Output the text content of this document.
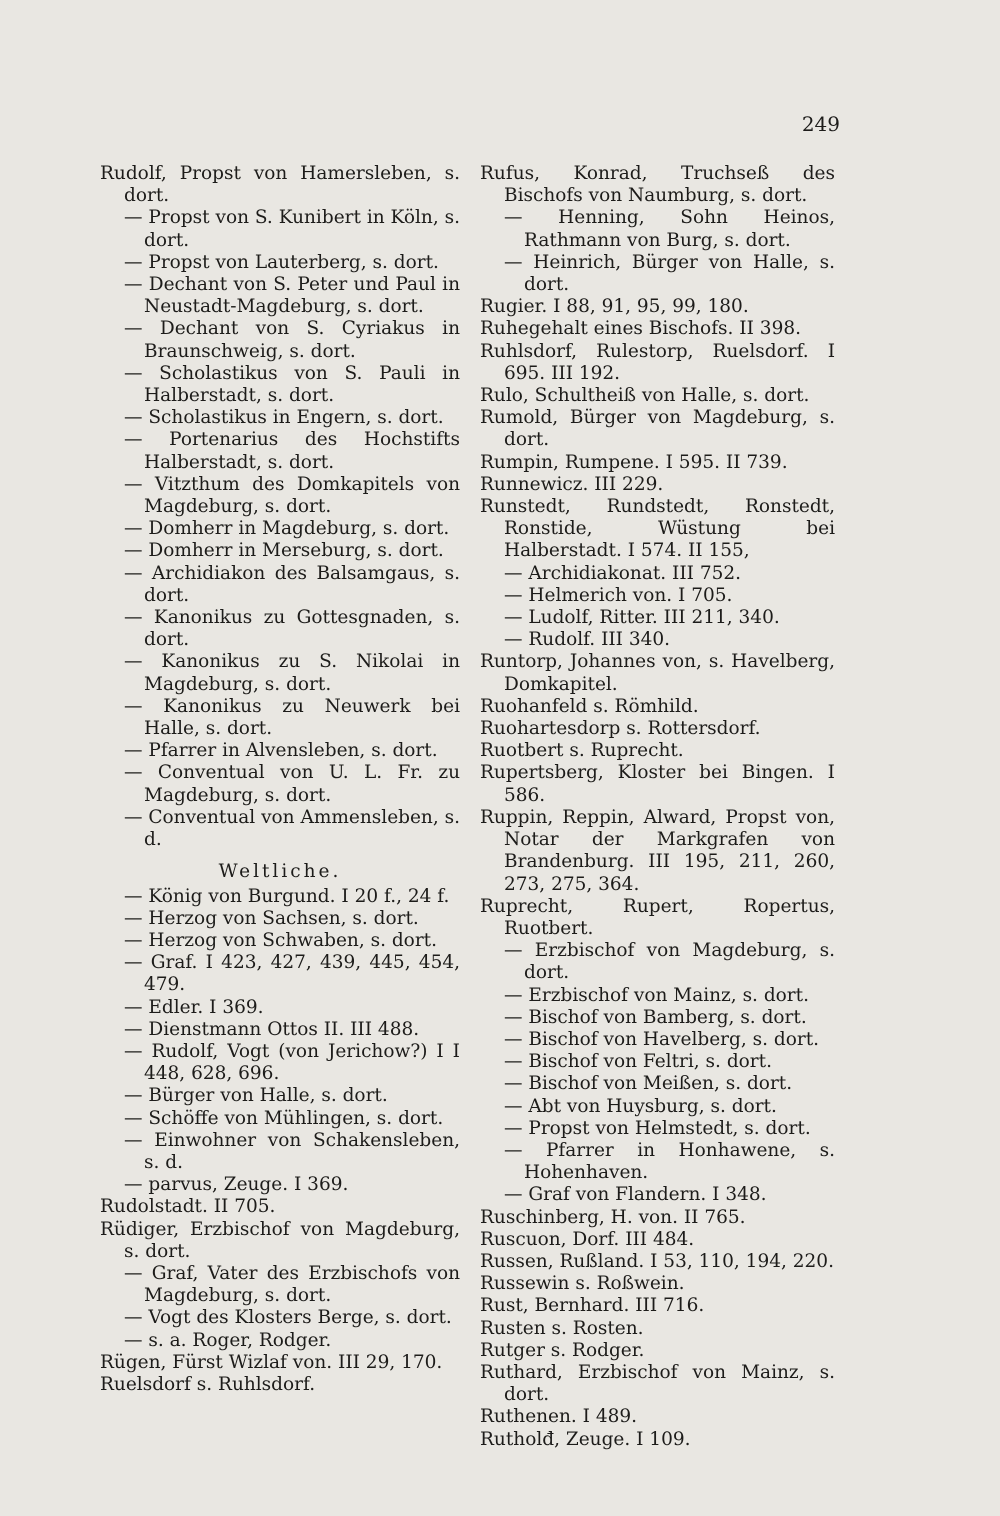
249

Rudolf, Propst von Hamersleben, s. dort.

— Propst von S. Kunibert in Köln, s. dort.

— Propst von Lauterberg, s. dort.

— Dechant von S. Peter und Paul in Neustadt-Magdeburg, s. dort.

— Dechant von S. Cyriakus in Braunschweig, s. dort.

— Scholastikus von S. Pauli in Halberstadt, s. dort.

— Scholastikus in Engern, s. dort.

— Portenarius des Hochstifts Halberstadt, s. dort.

— Vitzthum des Domkapitels von Magdeburg, s. dort.

— Domherr in Magdeburg, s. dort.

— Domherr in Merseburg, s. dort.

— Archidiakon des Balsamgaus, s. dort.

— Kanonikus zu Gottesgnaden, s. dort.

— Kanonikus zu S. Nikolai in Magdeburg, s. dort.

— Kanonikus zu Neuwerk bei Halle, s. dort.

— Pfarrer in Alvensleben, s. dort.

— Conventual von U. L. Fr. zu Magdeburg, s. dort.

— Conventual von Ammensleben, s. d.

Weltliche.

— König von Burgund. I 20 f., 24 f.

— Herzog von Sachsen, s. dort.

— Herzog von Schwaben, s. dort.

— Graf. I 423, 427, 439, 445, 454, 479.

— Edler. I 369.

— Dienstmann Ottos II. III 488.

— Rudolf, Vogt (von Jerichow?) I I 448, 628, 696.

— Bürger von Halle, s. dort.

— Schöffe von Mühlingen, s. dort.

— Einwohner von Schakensleben, s. d.

— parvus, Zeuge. I 369.

Rudolstadt. II 705.

Rüdiger, Erzbischof von Magdeburg, s. dort.

— Graf, Vater des Erzbischofs von Magdeburg, s. dort.

— Vogt des Klosters Berge, s. dort.

— s. a. Roger, Rodger.

Rügen, Fürst Wizlaf von. III 29, 170.

Ruelsdorf s. Ruhlsdorf.

Rufus, Konrad, Truchseß des Bischofs von Naumburg, s. dort.

— Henning, Sohn Heinos, Rathmann von Burg, s. dort.

— Heinrich, Bürger von Halle, s. dort.

Rugier. I 88, 91, 95, 99, 180.

Ruhegehalt eines Bischofs. II 398.

Ruhlsdorf, Rulestorp, Ruelsdorf. I 695. III 192.

Rulo, Schultheiß von Halle, s. dort.

Rumold, Bürger von Magdeburg, s. dort.

Rumpin, Rumpene. I 595. II 739.

Runnewicz. III 229.

Runstedt, Rundstedt, Ronstedt, Ronstide, Wüstung bei Halberstadt. I 574. II 155,

— Archidiakonat. III 752.

— Helmerich von. I 705.

— Ludolf, Ritter. III 211, 340.

— Rudolf. III 340.

Runtorp, Johannes von, s. Havelberg, Domkapitel.

Ruohanfeld s. Römhild.

Ruohartesdorp s. Rottersdorf.

Ruotbert s. Ruprecht.

Rupertsberg, Kloster bei Bingen. I 586.

Ruppin, Reppin, Alward, Propst von, Notar der Markgrafen von Brandenburg. III 195, 211, 260, 273, 275, 364.

Ruprecht, Rupert, Ropertus, Ruotbert.

— Erzbischof von Magdeburg, s. dort.

— Erzbischof von Mainz, s. dort.

— Bischof von Bamberg, s. dort.

— Bischof von Havelberg, s. dort.

— Bischof von Feltri, s. dort.

— Bischof von Meißen, s. dort.

— Abt von Huysburg, s. dort.

— Propst von Helmstedt, s. dort.

— Pfarrer in Honhawene, s. Hohenhaven.

— Graf von Flandern. I 348.

Ruschinberg, H. von. II 765.

Ruscuon, Dorf. III 484.

Russen, Rußland. I 53, 110, 194, 220.

Russewin s. Roßwein.

Rust, Bernhard. III 716.

Rusten s. Rosten.

Rutger s. Rodger.

Ruthard, Erzbischof von Mainz, s. dort.

Ruthenen. I 489.

Rutholđ, Zeuge. I 109.
